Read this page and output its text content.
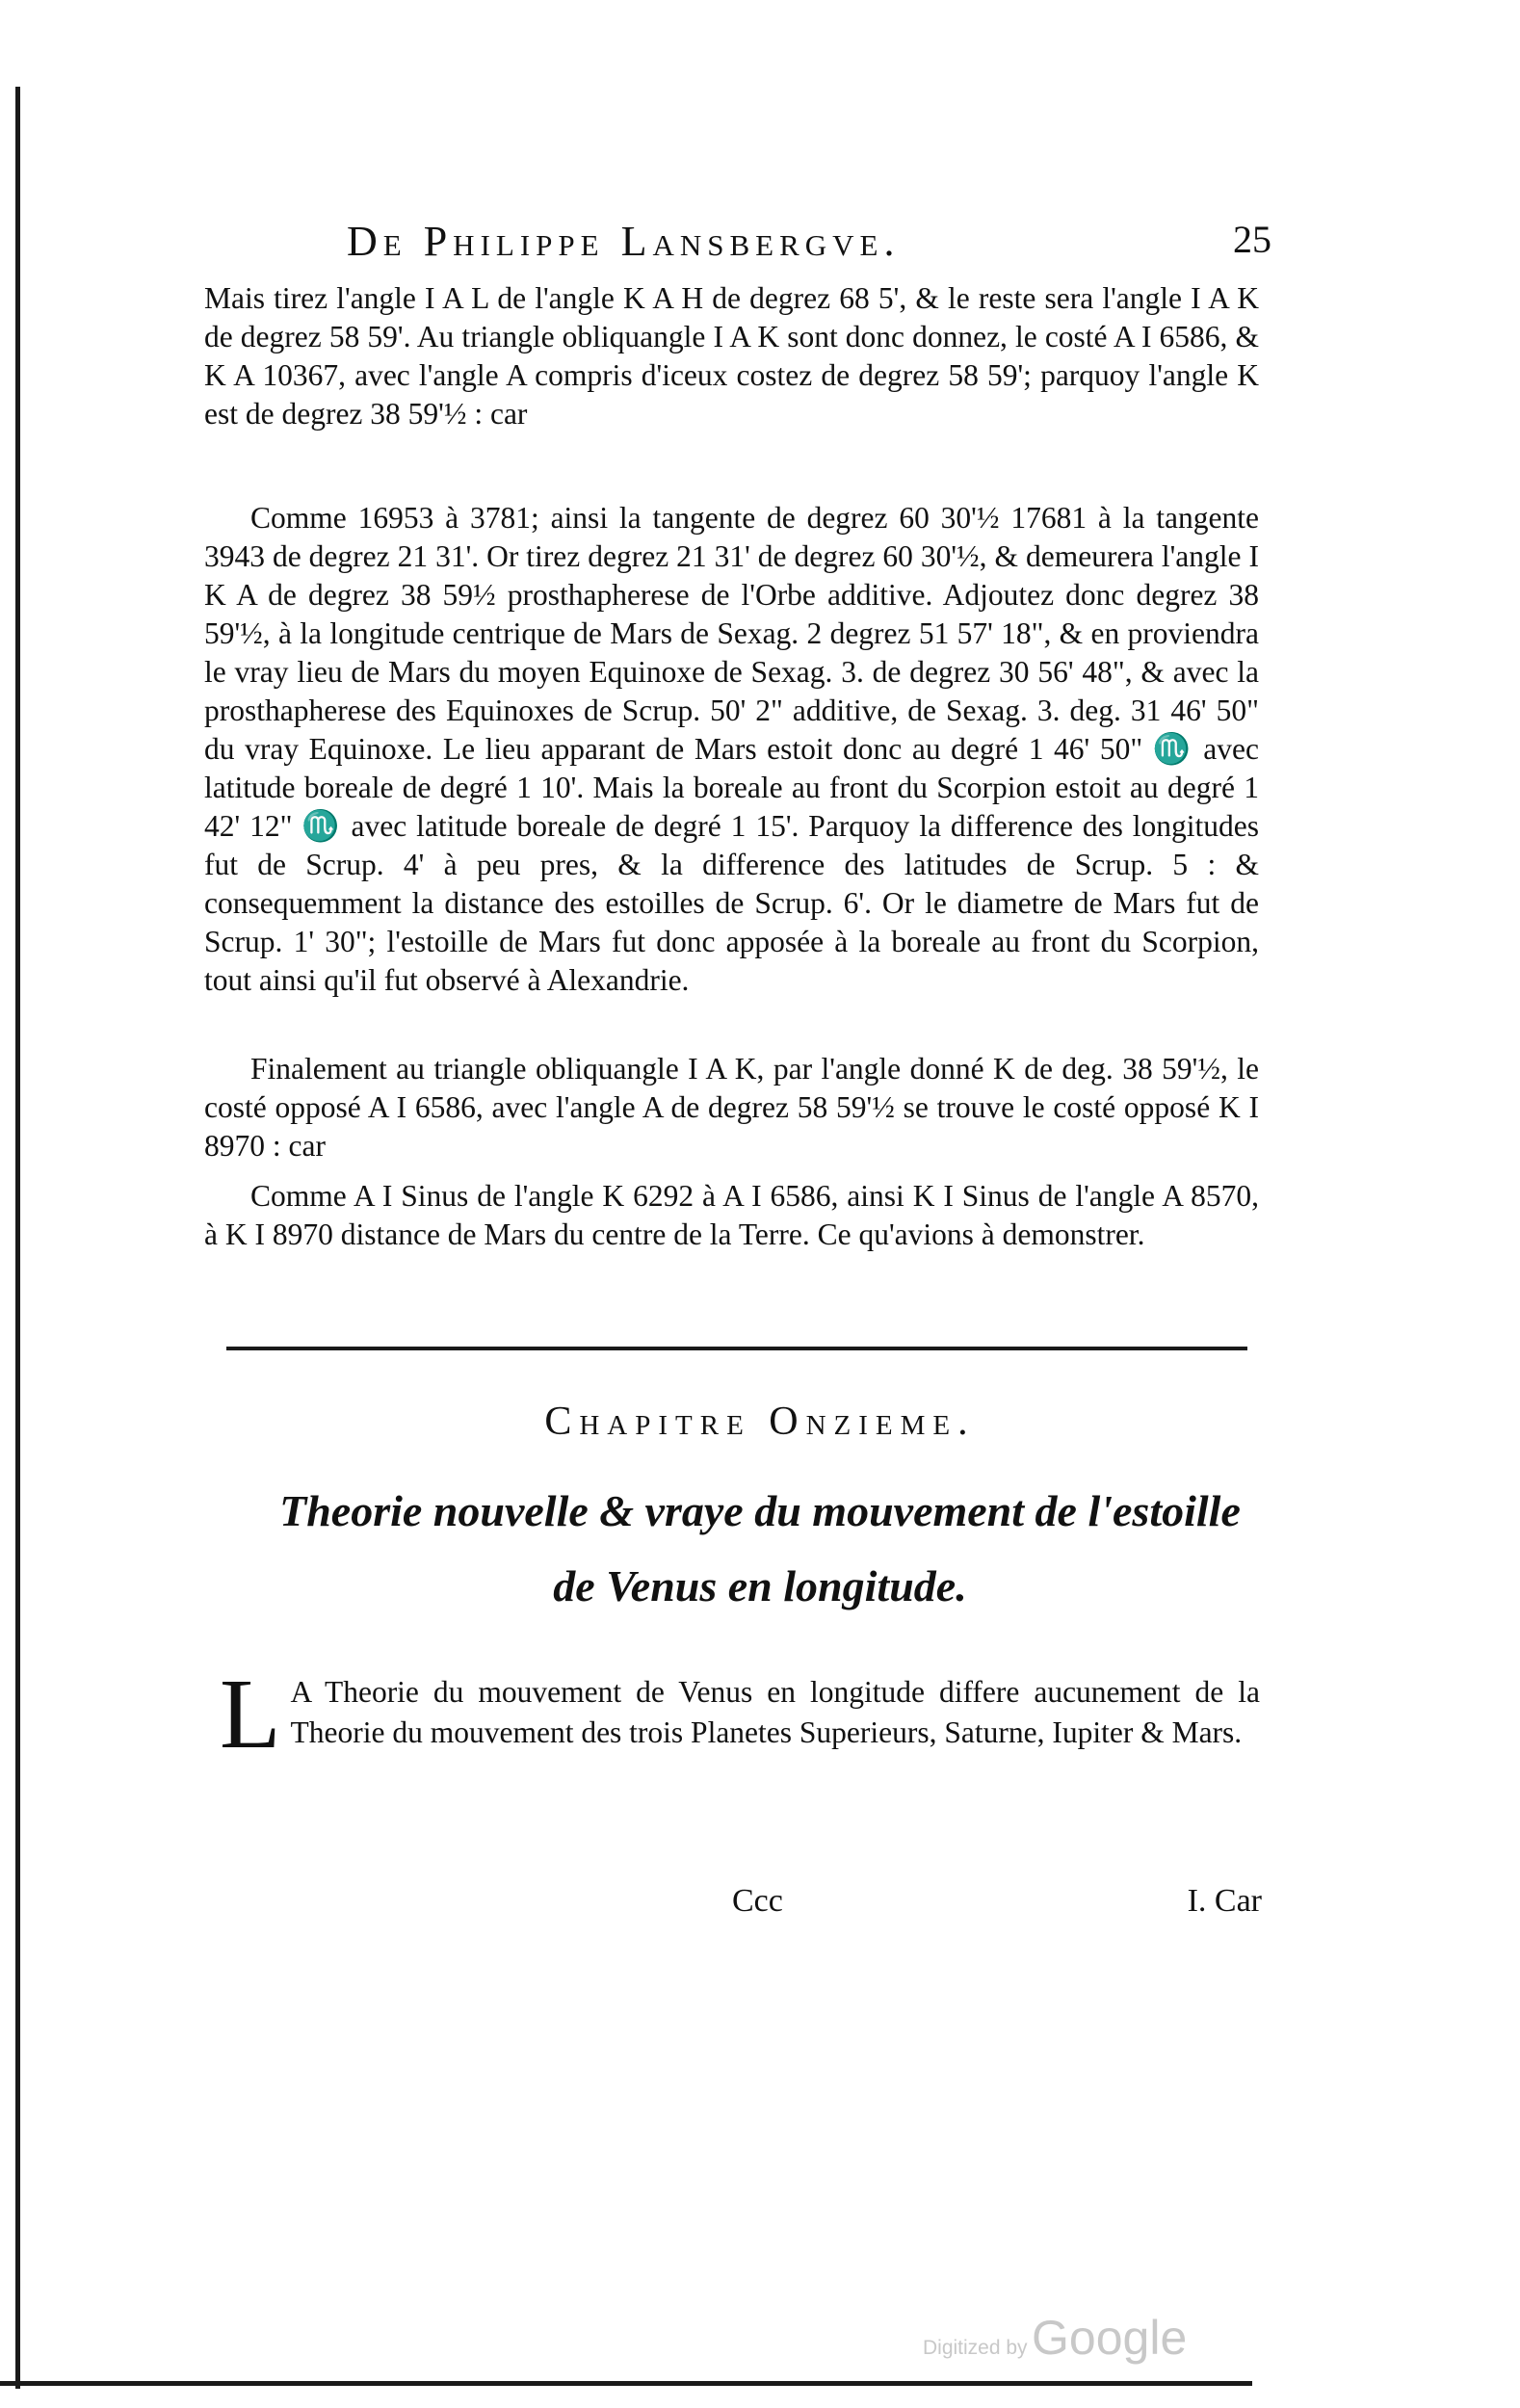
De Philippe Lansbergve.	25

Mais tirez l'angle I A L de l'angle K A H de degrez 68 5', & le reste sera l'angle I A K de degrez 58 59'. Au triangle obliquangle I A K sont donc donnez, le costé A I 6586, & K A 10367, avec l'angle A compris d'iceux costez de degrez 58 59'; parquoy l'angle K est de degrez 38 59'½ : car

Comme 16953 à 3781; ainsi la tangente de degrez 60 30'½ 17681 à la tangente 3943 de degrez 21 31'. Or tirez degrez 21 31' de degrez 60 30'½, & demeurera l'angle I K A de degrez 38 59½ prosthapherese de l'Orbe additive. Adjoutez donc degrez 38 59'½, à la longitude centrique de Mars de Sexag. 2 degrez 51 57' 18", & en proviendra le vray lieu de Mars du moyen Equinoxe de Sexag. 3. de degrez 30 56' 48", & avec la prosthapherese des Equinoxes de Scrup. 50' 2" additive, de Sexag. 3. deg. 31 46' 50" du vray Equinoxe. Le lieu apparant de Mars estoit donc au degré 1 46' 50" ♏ avec latitude boreale de degré 1 10'. Mais la boreale au front du Scorpion estoit au degré 1 42' 12" ♏ avec latitude boreale de degré 1 15'. Parquoy la difference des longitudes fut de Scrup. 4' à peu pres, & la difference des latitudes de Scrup. 5 : & consequemment la distance des estoilles de Scrup. 6'. Or le diametre de Mars fut de Scrup. 1' 30"; l'estoille de Mars fut donc apposée à la boreale au front du Scorpion, tout ainsi qu'il fut observé à Alexandrie.

Finalement au triangle obliquangle I A K, par l'angle donné K de deg. 38 59'½, le costé opposé A I 6586, avec l'angle A de degrez 58 59'½ se trouve le costé opposé K I 8970 : car

Comme A I Sinus de l'angle K 6292 à A I 6586, ainsi K I Sinus de l'angle A 8570, à K I 8970 distance de Mars du centre de la Terre. Ce qu'avions à demonstrer.

Chapitre Onzieme.
Theorie nouvelle & vraye du mouvement de l'estoille
de Venus en longitude.
L A Theorie du mouvement de Venus en longitude differe aucunement de la Theorie du mouvement des trois Planetes Superieurs, Saturne, Iupiter & Mars.
Ccc	I. Car
Digitized by Google
